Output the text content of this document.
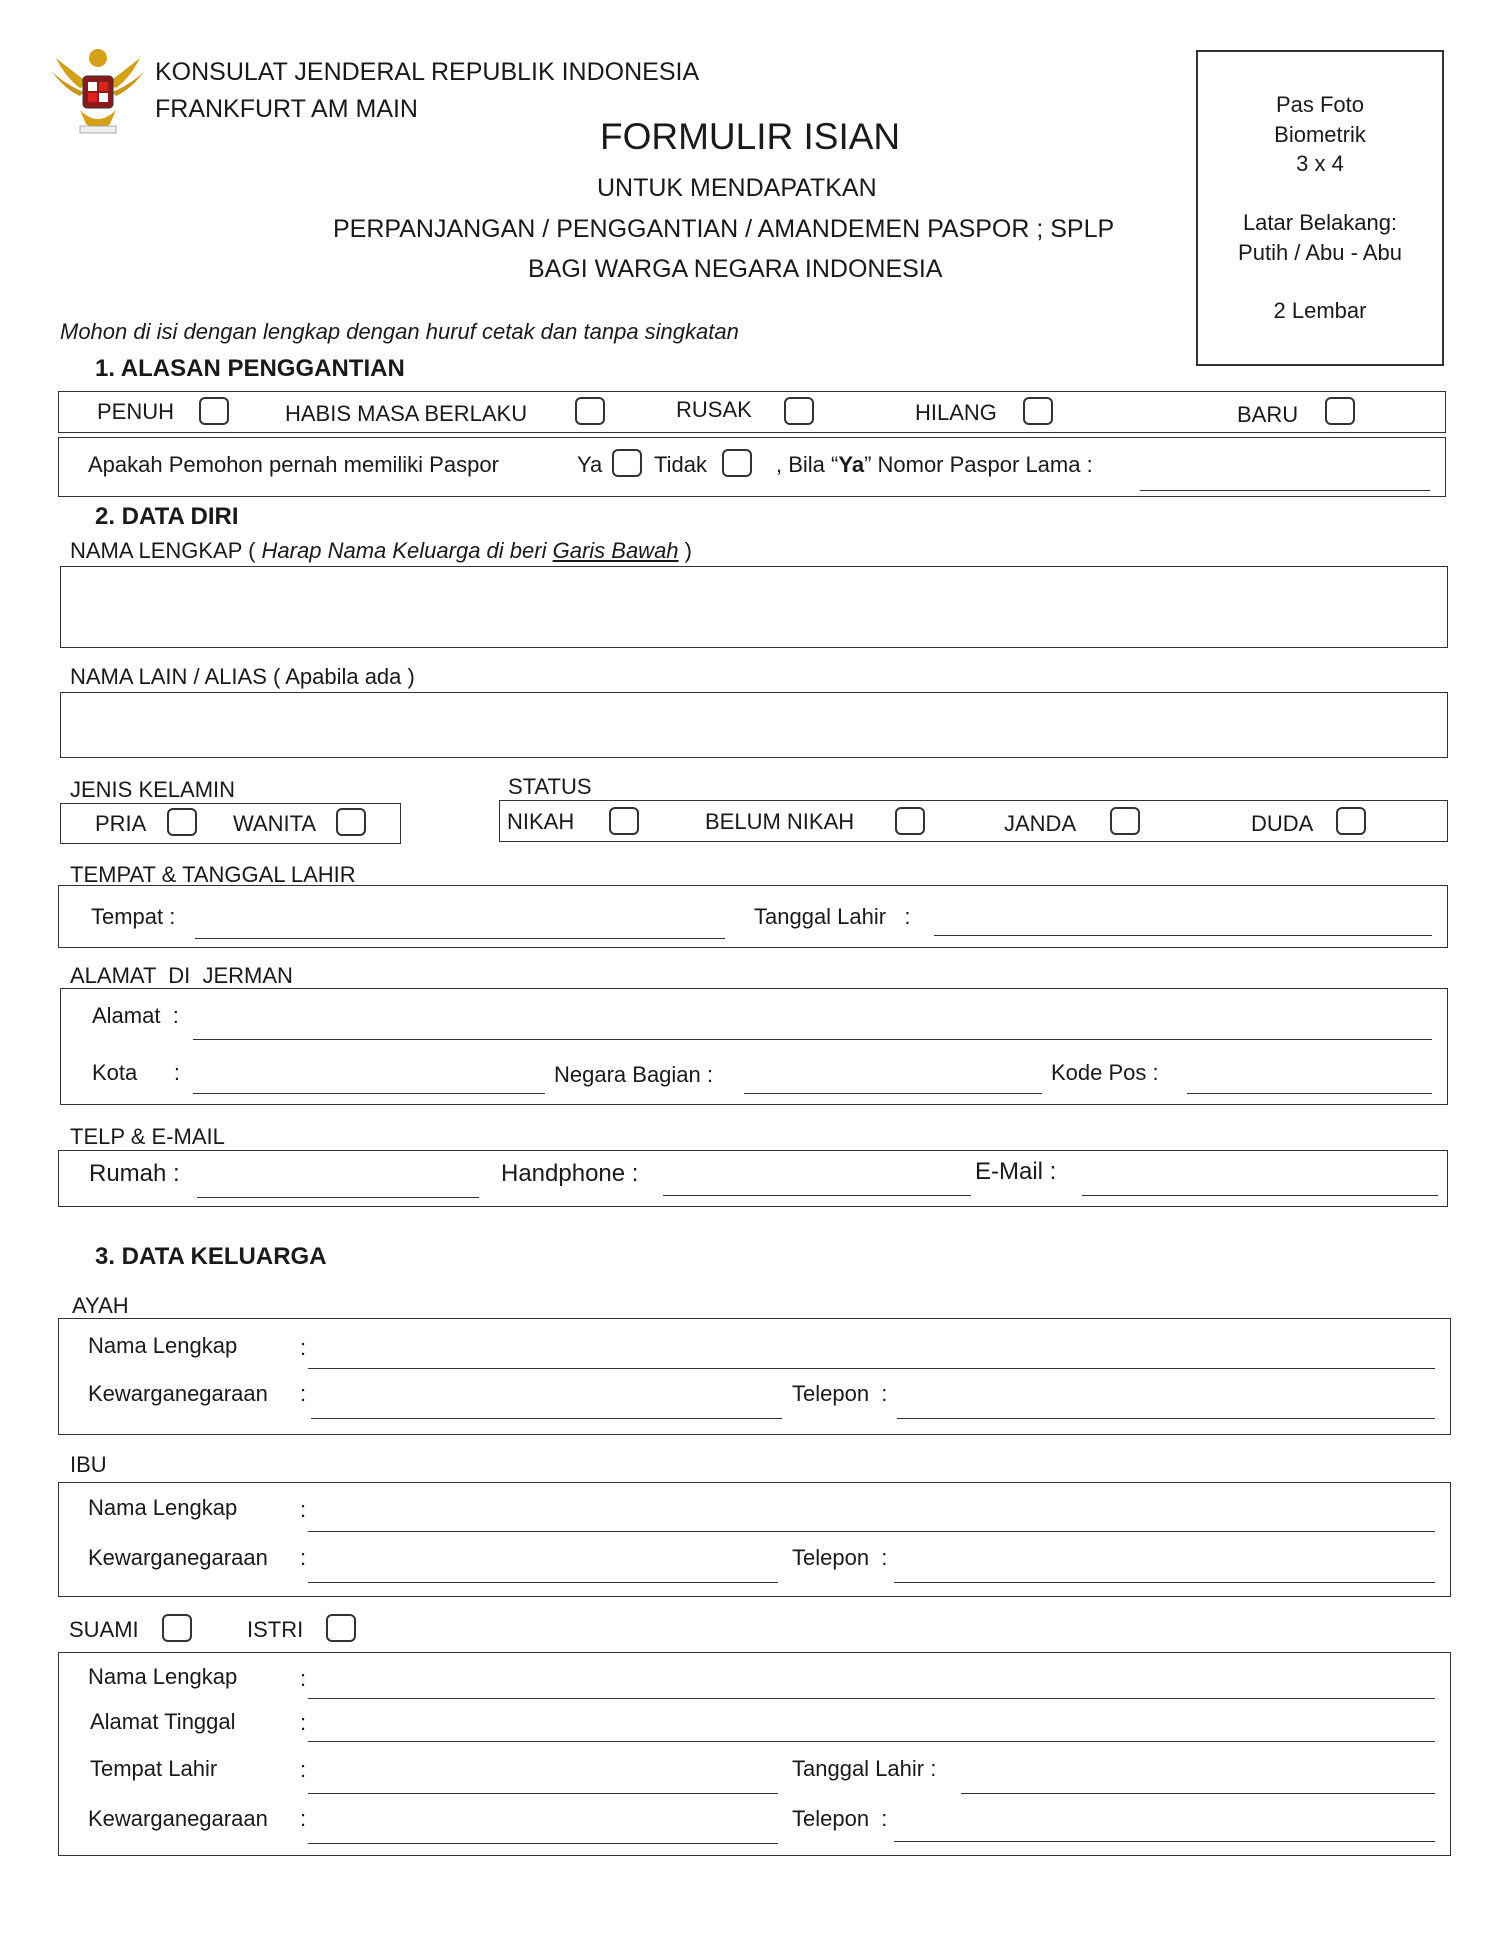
KONSULAT JENDERAL REPUBLIK INDONESIA
FRANKFURT AM MAIN
FORMULIR ISIAN
UNTUK MENDAPATKAN
PERPANJANGAN / PENGGANTIAN / AMANDEMEN PASPOR ; SPLP
BAGI WARGA NEGARA INDONESIA
Pas Foto
Biometrik
3 x 4
Latar Belakang:
Putih / Abu - Abu
2 Lembar
Mohon di isi dengan lengkap dengan huruf cetak dan tanpa singkatan
1. ALASAN PENGGANTIAN
PENUH	HABIS MASA BERLAKU	RUSAK	HILANG	BARU
Apakah Pemohon pernah memiliki Paspor	Ya Tidak	, Bila “Ya” Nomor Paspor Lama :
2. DATA DIRI
NAMA LENGKAP ( Harap Nama Keluarga di beri Garis Bawah )
NAMA LAIN / ALIAS ( Apabila ada )
JENIS KELAMIN
PRIA	WANITA
STATUS
NIKAH	BELUM NIKAH	JANDA	DUDA
TEMPAT & TANGGAL LAHIR
Tempat :	Tanggal Lahir   :
ALAMAT  DI  JERMAN
Alamat  :
Kota      :	Negara Bagian :	Kode Pos :
TELP & E-MAIL
Rumah :	Handphone :	E-Mail :
3. DATA KELUARGA
AYAH
Nama Lengkap	:
Kewarganegaraan :	Telepon  :
IBU
Nama Lengkap	:
Kewarganegaraan :	Telepon  :
SUAMI	ISTRI
Nama Lengkap	:
Alamat Tinggal	:
Tempat Lahir	:	Tanggal Lahir :
Kewarganegaraan :	Telepon  :
